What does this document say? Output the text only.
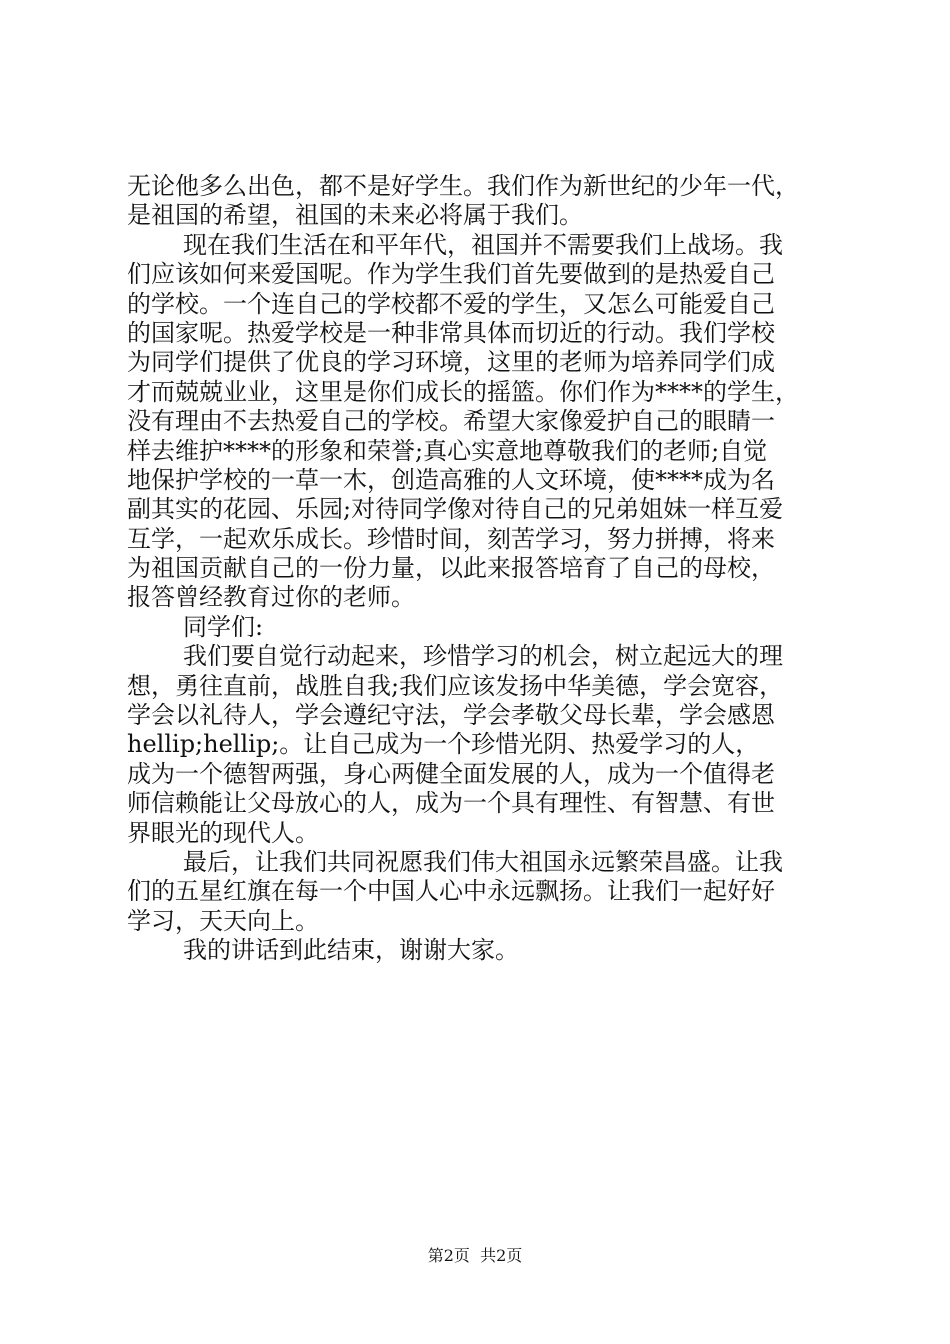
无论他多么出色，都不是好学生。我们作为新世纪的少年一代，
是祖国的希望，祖国的未来必将属于我们。
现在我们生活在和平年代，祖国并不需要我们上战场。我
们应该如何来爱国呢。作为学生我们首先要做到的是热爱自己
的学校。一个连自己的学校都不爱的学生，又怎么可能爱自己
的国家呢。热爱学校是一种非常具体而切近的行动。我们学校
为同学们提供了优良的学习环境，这里的老师为培养同学们成
才而兢兢业业，这里是你们成长的摇篮。你们作为****的学生，
没有理由不去热爱自己的学校。希望大家像爱护自己的眼睛一
样去维护****的形象和荣誉;真心实意地尊敬我们的老师;自觉
地保护学校的一草一木，创造高雅的人文环境，使****成为名
副其实的花园、乐园;对待同学像对待自己的兄弟姐妹一样互爱
互学，一起欢乐成长。珍惜时间，刻苦学习，努力拼搏，将来
为祖国贡献自己的一份力量，以此来报答培育了自己的母校，
报答曾经教育过你的老师。
同学们:
我们要自觉行动起来，珍惜学习的机会，树立起远大的理
想，勇往直前，战胜自我;我们应该发扬中华美德，学会宽容，
学会以礼待人，学会遵纪守法，学会孝敬父母长辈，学会感恩
hellip;hellip;。让自己成为一个珍惜光阴、热爱学习的人，
成为一个德智两强，身心两健全面发展的人，成为一个值得老
师信赖能让父母放心的人，成为一个具有理性、有智慧、有世
界眼光的现代人。
最后，让我们共同祝愿我们伟大祖国永远繁荣昌盛。让我
们的五星红旗在每一个中国人心中永远飘扬。让我们一起好好
学习，天天向上。
我的讲话到此结束，谢谢大家。
第2页  共2页
